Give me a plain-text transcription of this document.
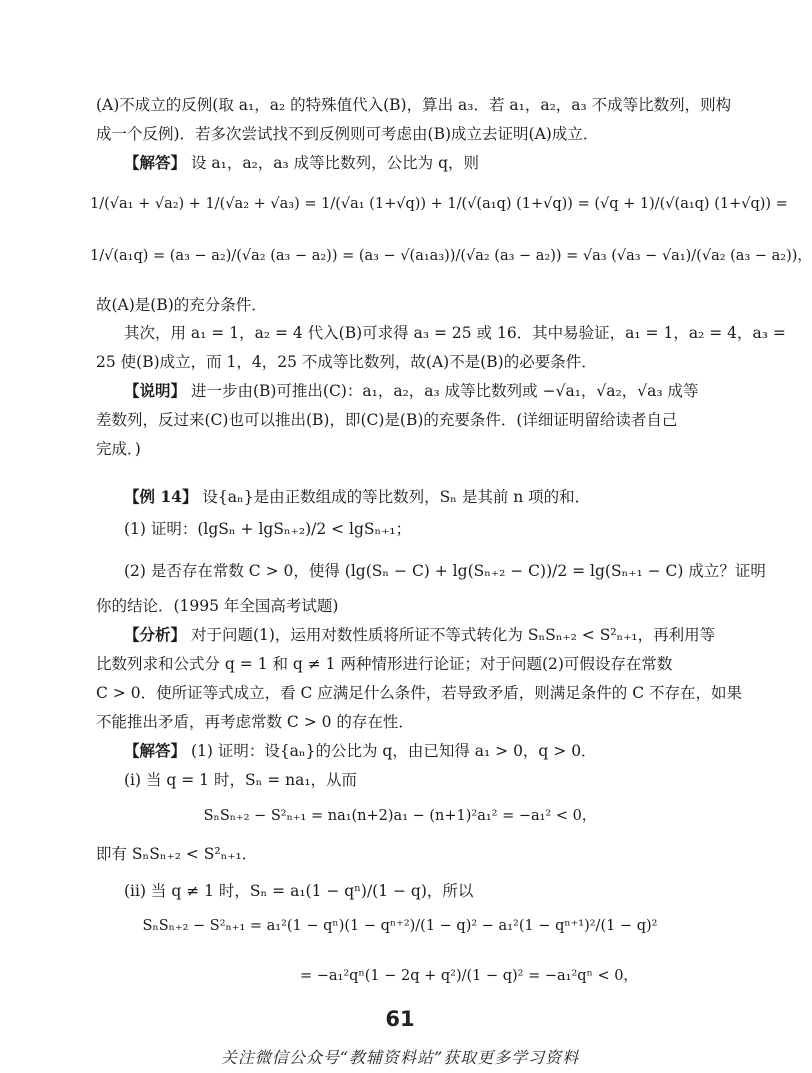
(A)不成立的反例(取 a₁，a₂ 的特殊值代入(B)，算出 a₃．若 a₁，a₂，a₃ 不成等比数列，则构
成一个反例)．若多次尝试找不到反例则可考虑由(B)成立去证明(A)成立．
【解答】 设 a₁，a₂，a₃ 成等比数列，公比为 q，则
1/(√a₁ + √a₂) + 1/(√a₂ + √a₃) = 1/(√a₁ (1+√q)) + 1/(√(a₁q) (1+√q)) = (√q + 1)/(√(a₁q) (1+√q)) =
1/√(a₁q) = (a₃ − a₂)/(√a₂ (a₃ − a₂)) = (a₃ − √(a₁a₃))/(√a₂ (a₃ − a₂)) = √a₃ (√a₃ − √a₁)/(√a₂ (a₃ − a₂))，
故(A)是(B)的充分条件．
其次，用 a₁ = 1，a₂ = 4 代入(B)可求得 a₃ = 25 或 16．其中易验证，a₁ = 1，a₂ = 4，a₃ =
25 使(B)成立，而 1，4，25 不成等比数列，故(A)不是(B)的必要条件．
【说明】 进一步由(B)可推出(C)：a₁，a₂，a₃ 成等比数列或 −√a₁，√a₂，√a₃ 成等
差数列，反过来(C)也可以推出(B)，即(C)是(B)的充要条件．(详细证明留给读者自己
完成．)
【例 14】 设{aₙ}是由正数组成的等比数列，Sₙ 是其前 n 项的和．
(1) 证明：(lgSₙ + lgSₙ₊₂)/2 < lgSₙ₊₁；
(2) 是否存在常数 C > 0，使得 (lg(Sₙ − C) + lg(Sₙ₊₂ − C))/2 = lg(Sₙ₊₁ − C) 成立？证明
你的结论．(1995 年全国高考试题)
【分析】 对于问题(1)，运用对数性质将所证不等式转化为 SₙSₙ₊₂ < S²ₙ₊₁，再利用等
比数列求和公式分 q = 1 和 q ≠ 1 两种情形进行论证；对于问题(2)可假设存在常数
C > 0．使所证等式成立，看 C 应满足什么条件，若导致矛盾，则满足条件的 C 不存在，如果
不能推出矛盾，再考虑常数 C > 0 的存在性．
【解答】 (1) 证明：设{aₙ}的公比为 q，由已知得 a₁ > 0，q > 0．
(ⅰ) 当 q = 1 时，Sₙ = na₁，从而
SₙSₙ₊₂ − S²ₙ₊₁ = na₁(n+2)a₁ − (n+1)²a₁² = −a₁² < 0，
即有 SₙSₙ₊₂ < S²ₙ₊₁．
(ⅱ) 当 q ≠ 1 时，Sₙ = a₁(1 − qⁿ)/(1 − q)，所以
SₙSₙ₊₂ − S²ₙ₊₁ = a₁²(1 − qⁿ)(1 − qⁿ⁺²)/(1 − q)² − a₁²(1 − qⁿ⁺¹)²/(1 − q)²
= −a₁²qⁿ(1 − 2q + q²)/(1 − q)² = −a₁²qⁿ < 0，
61
关注微信公众号“教辅资料站”获取更多学习资料
